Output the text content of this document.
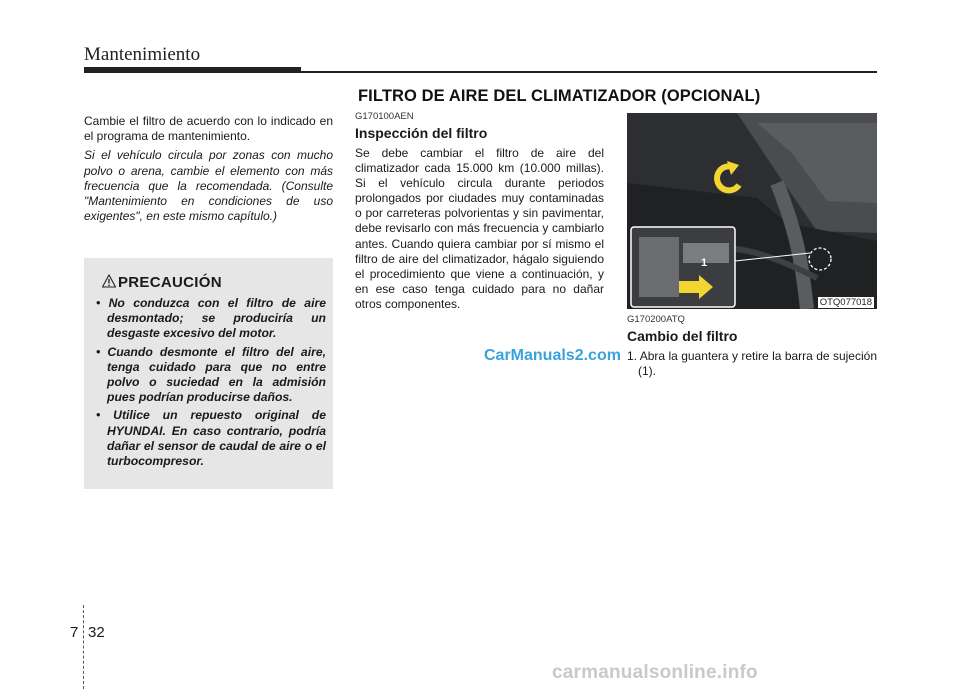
Mantenimiento
FILTRO DE AIRE DEL CLIMATIZADOR (OPCIONAL)

Cambie el filtro de acuerdo con lo indicado en el programa de mantenimiento.

Si el vehículo circula por zonas con mucho polvo o arena, cambie el elemento con más frecuencia que la recomendada. (Consulte "Mantenimiento en condiciones de uso exigentes", en este mismo capítulo.)

PRECAUCIÓN
• No conduzca con el filtro de aire desmontado; se produciría un desgaste excesivo del motor.
• Cuando desmonte el filtro del aire, tenga cuidado para que no entre polvo o suciedad en la admisión pues podrían producirse daños.
• Utilice un repuesto original de HYUNDAI. En caso contrario, podría dañar el sensor de caudal de aire o el turbocompresor.
G170100AEN
Inspección del filtro

Se debe cambiar el filtro de aire del climatizador cada 15.000 km (10.000 millas). Si el vehículo circula durante periodos prolongados por ciudades muy contaminadas o por carreteras polvorientas y sin pavimentar, debe revisarlo con más frecuencia y cambiarlo antes. Cuando quiera cambiar por sí mismo el filtro de aire del climatizador, hágalo siguiendo el procedimiento que viene a continuación, y en ese caso tenga cuidado para no dañar otros componentes.

1
OTQ077018
G170200ATQ
Cambio del filtro
1. Abra la guantera y retire la barra de sujeción (1).
CarManuals2.com
7 32
carmanualsonline.info
